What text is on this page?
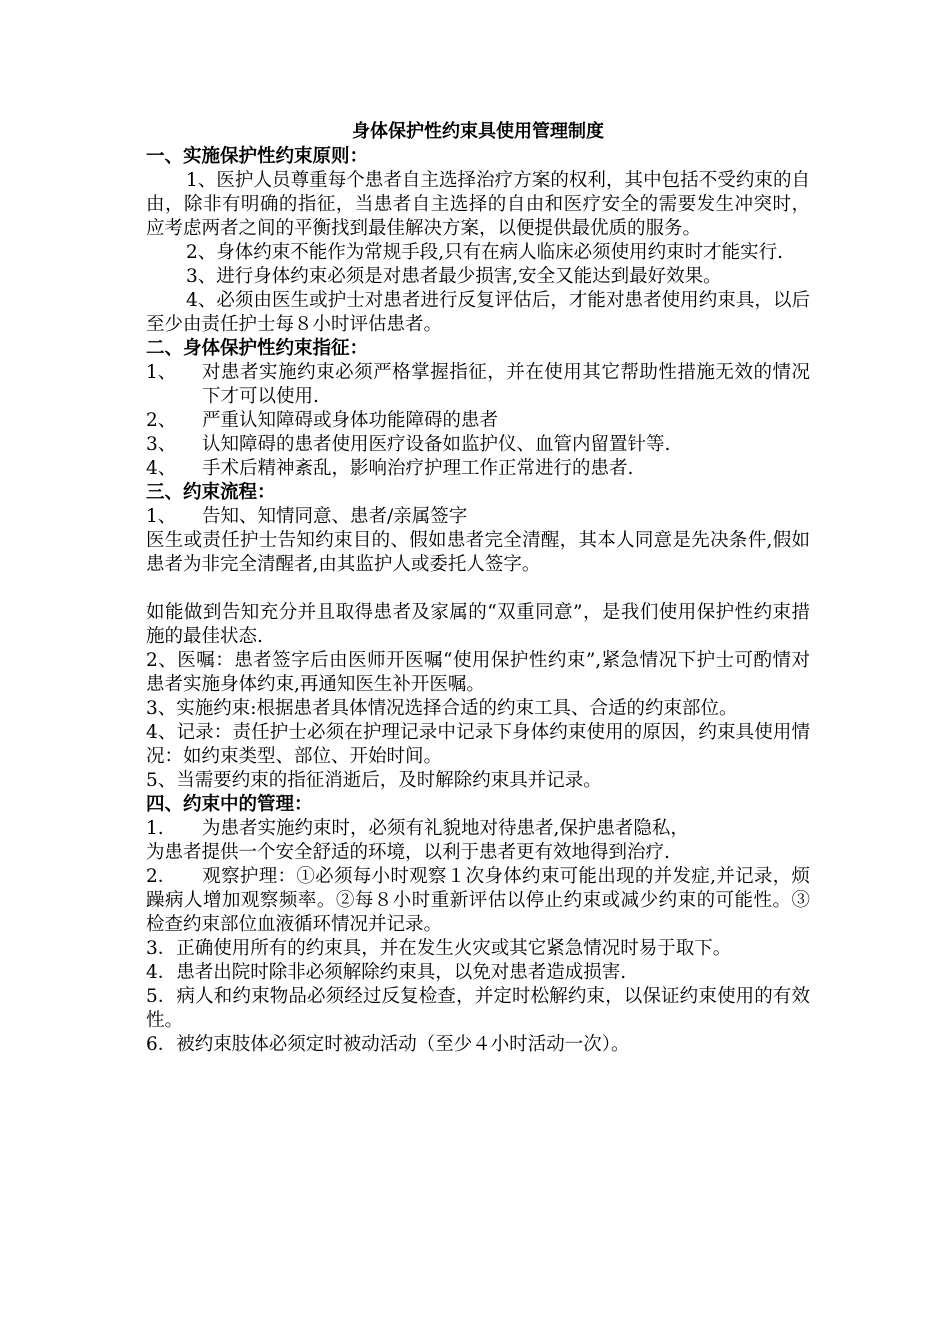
身体保护性约束具使用管理制度

一、实施保护性约束原则：

1、医护人员尊重每个患者自主选择治疗方案的权利，其中包括不受约束的自由，除非有明确的指征，当患者自主选择的自由和医疗安全的需要发生冲突时，应考虑两者之间的平衡找到最佳解决方案，以便提供最优质的服务。

2、身体约束不能作为常规手段,只有在病人临床必须使用约束时才能实行.

3、进行身体约束必须是对患者最少损害,安全又能达到最好效果。

4、必须由医生或护士对患者进行反复评估后，才能对患者使用约束具，以后至少由责任护士每８小时评估患者。

二、身体保护性约束指征：

1、	对患者实施约束必须严格掌握指征，并在使用其它帮助性措施无效的情况下才可以使用.
2、	严重认知障碍或身体功能障碍的患者
3、	认知障碍的患者使用医疗设备如监护仪、血管内留置针等.
4、	手术后精神紊乱，影响治疗护理工作正常进行的患者.

三、约束流程：

1、	告知、知情同意、患者/亲属签字

医生或责任护士告知约束目的、假如患者完全清醒，其本人同意是先决条件,假如患者为非完全清醒者,由其监护人或委托人签字。

如能做到告知充分并且取得患者及家属的“双重同意”，是我们使用保护性约束措施的最佳状态.

2、医嘱：患者签字后由医师开医嘱“使用保护性约束”,紧急情况下护士可酌情对患者实施身体约束,再通知医生补开医嘱。

3、实施约束:根据患者具体情况选择合适的约束工具、合适的约束部位。

4、记录：责任护士必须在护理记录中记录下身体约束使用的原因，约束具使用情况：如约束类型、部位、开始时间。

5、当需要约束的指征消逝后，及时解除约束具并记录。

四、约束中的管理：

1.	为患者实施约束时，必须有礼貌地对待患者,保护患者隐私，

为患者提供一个安全舒适的环境，以利于患者更有效地得到治疗.

2． 观察护理：①必须每小时观察１次身体约束可能出现的并发症,并记录，烦躁病人增加观察频率。②每８小时重新评估以停止约束或减少约束的可能性。③检查约束部位血液循环情况并记录。

3．正确使用所有的约束具，并在发生火灾或其它紧急情况时易于取下。

4．患者出院时除非必须解除约束具，以免对患者造成损害.

5．病人和约束物品必须经过反复检查，并定时松解约束，以保证约束使用的有效性。

6．被约束肢体必须定时被动活动（至少４小时活动一次）。
